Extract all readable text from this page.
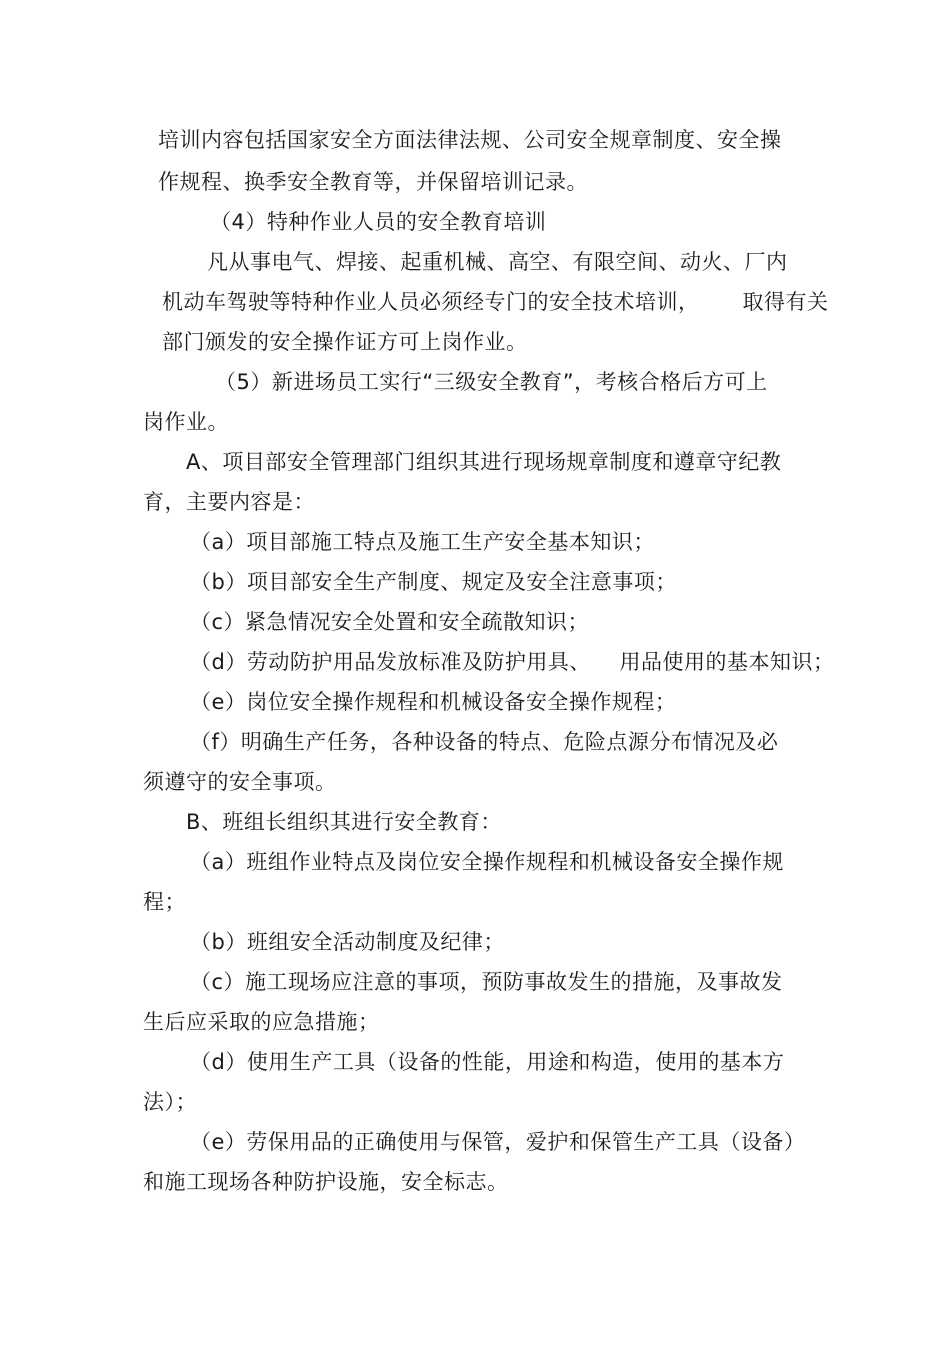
培训内容包括国家安全方面法律法规、公司安全规章制度、安全操

作规程、换季安全教育等，并保留培训记录。

（4）特种作业人员的安全教育培训

凡从事电气、焊接、起重机械、高空、有限空间、动火、厂内

机动车驾驶等特种作业人员必须经专门的安全技术培训，      取得有关

部门颁发的安全操作证方可上岗作业。

（5）新进场员工实行“三级安全教育”，考核合格后方可上

岗作业。

A、项目部安全管理部门组织其进行现场规章制度和遵章守纪教

育，主要内容是：

（a）项目部施工特点及施工生产安全基本知识；

（b）项目部安全生产制度、规定及安全注意事项；

（c）紧急情况安全处置和安全疏散知识；

（d）劳动防护用品发放标准及防护用具、    用品使用的基本知识；

（e）岗位安全操作规程和机械设备安全操作规程；

（f）明确生产任务，各种设备的特点、危险点源分布情况及必

须遵守的安全事项。

B、班组长组织其进行安全教育：

（a）班组作业特点及岗位安全操作规程和机械设备安全操作规

程；

（b）班组安全活动制度及纪律；

（c）施工现场应注意的事项，预防事故发生的措施，及事故发

生后应采取的应急措施；

（d）使用生产工具（设备的性能，用途和构造，使用的基本方

法）；

（e）劳保用品的正确使用与保管，爱护和保管生产工具（设备）

和施工现场各种防护设施，安全标志。
